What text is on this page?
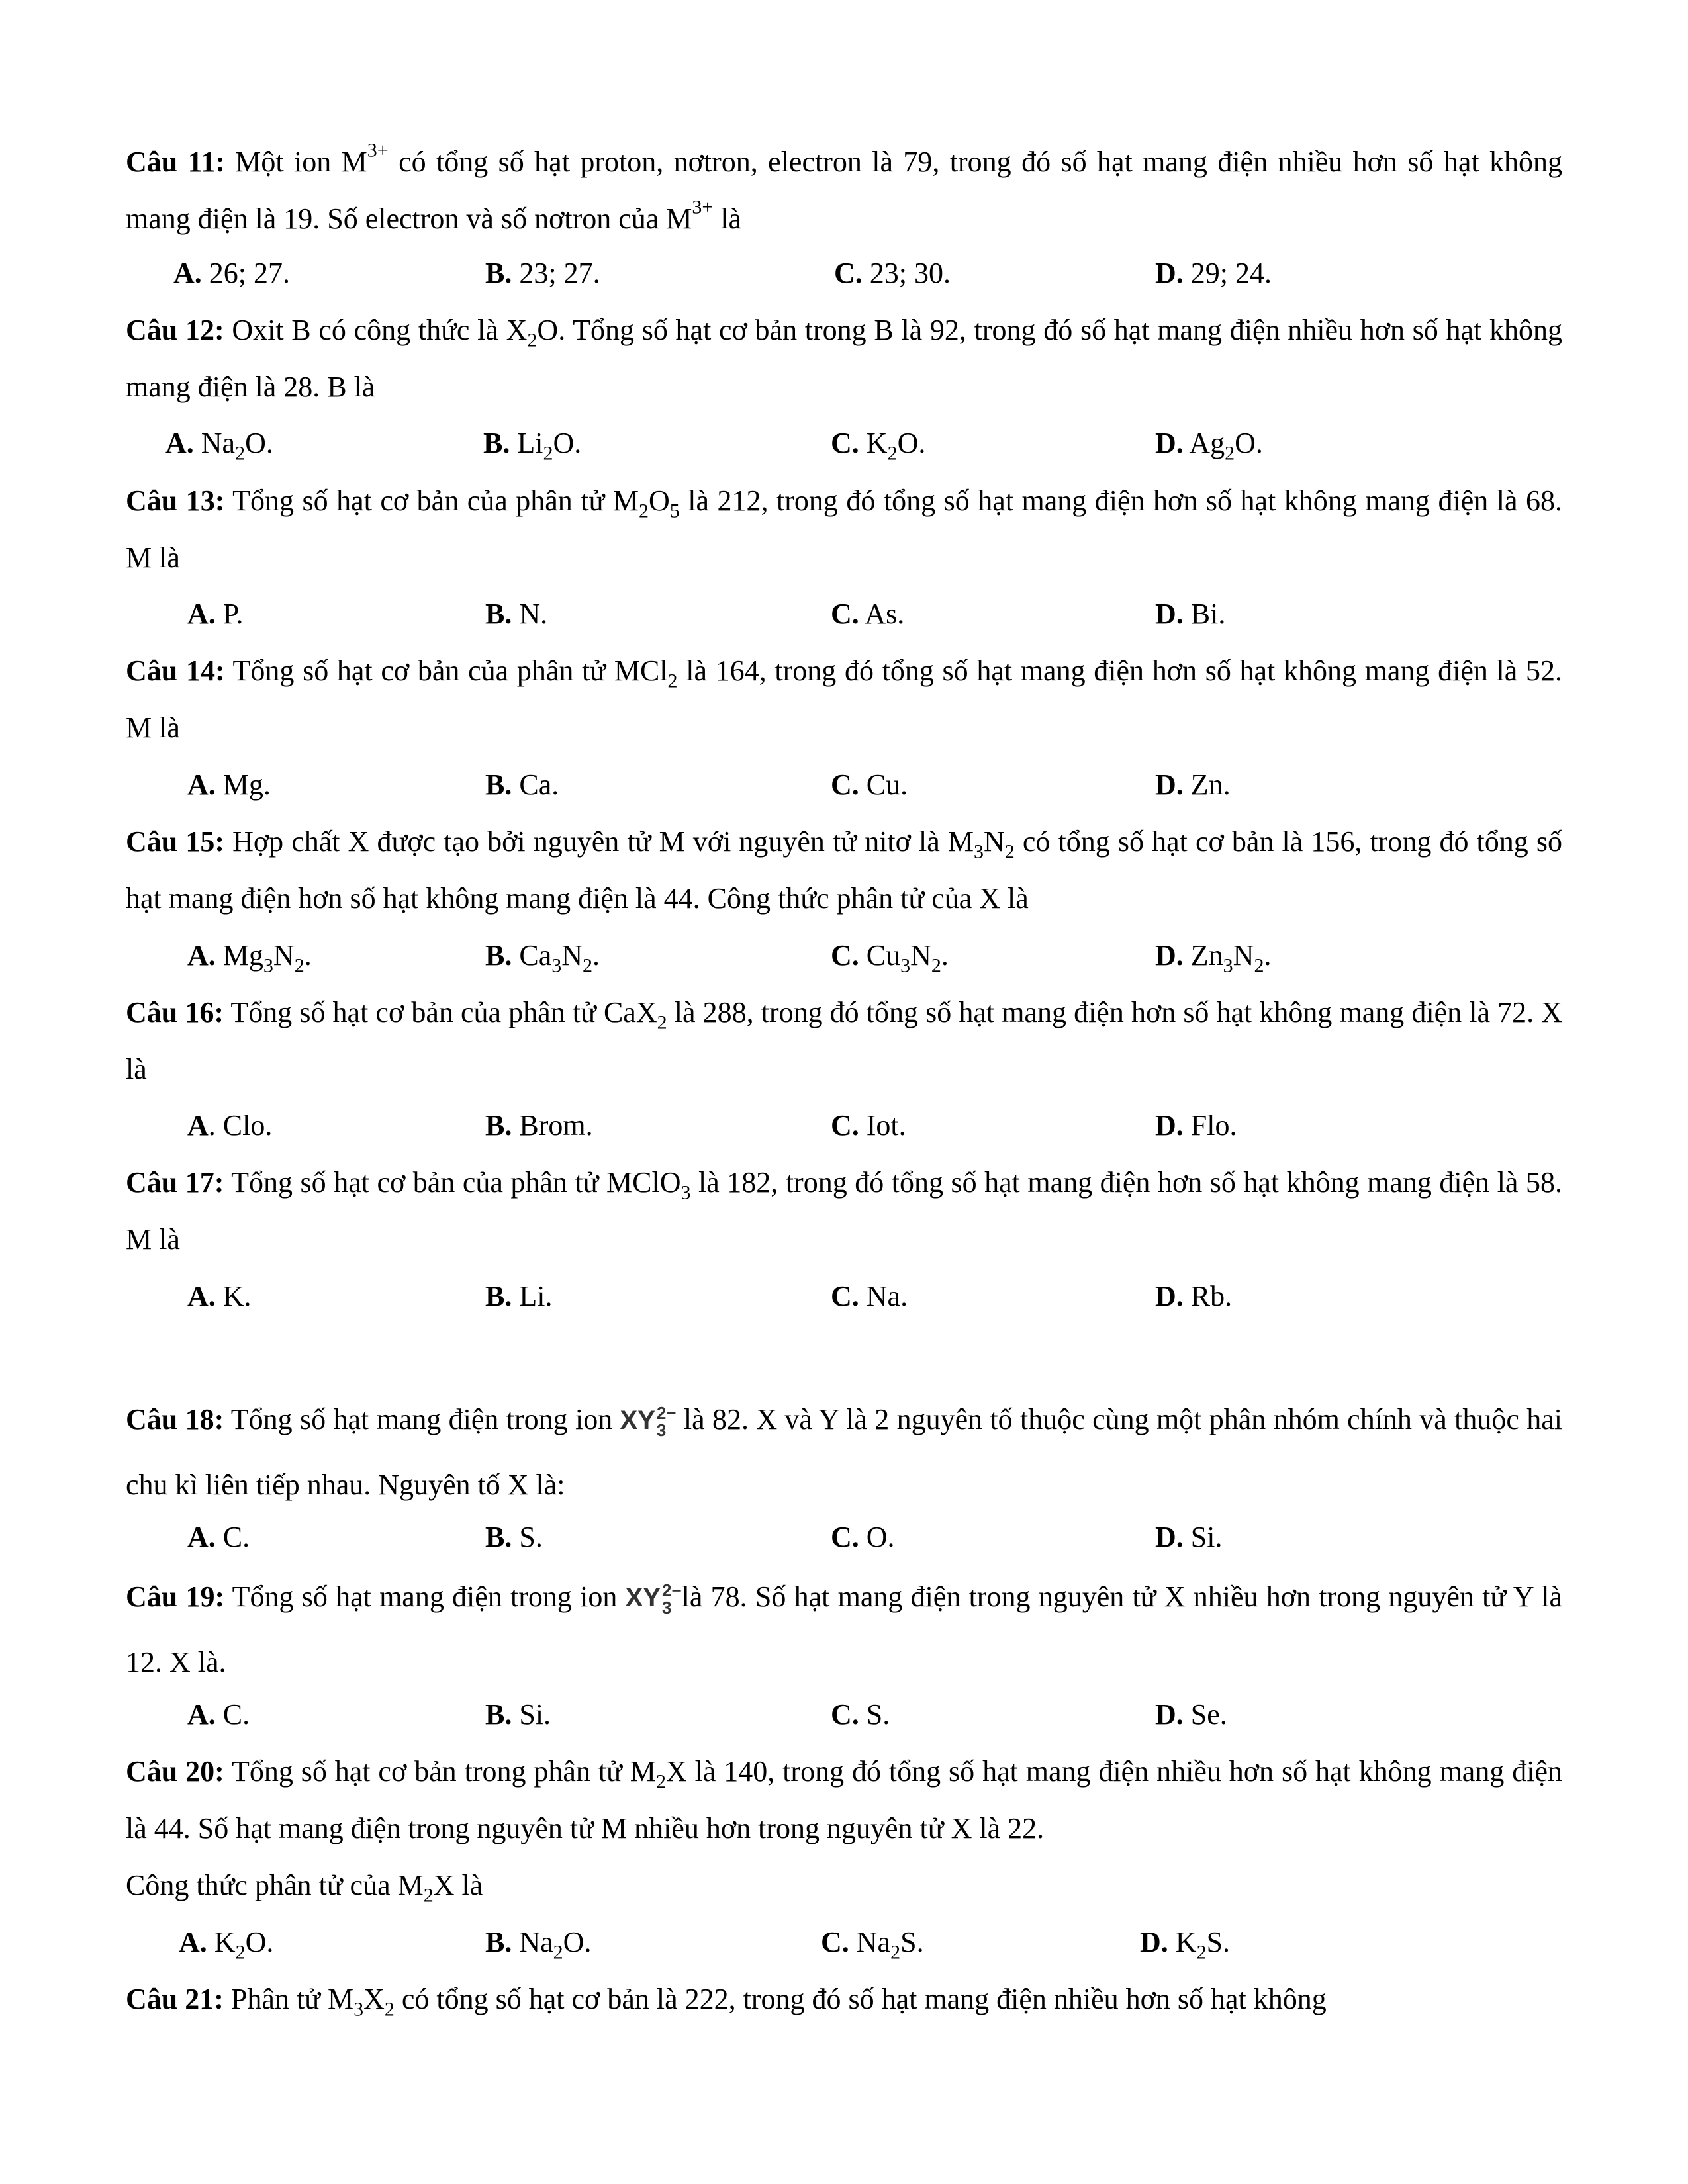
Câu 11: Một ion $M^{3+}$ có tổng số hạt proton, nơtron, electron là 79, trong đó số hạt mang điện nhiều hơn số hạt không mang điện là 19. Số electron và số nơtron của $M^{3+}$ là
A. 26; 27.	B. 23; 27.	C. 23; 30.	D. 29; 24.
Câu 12: Oxit B có công thức là $X_2O$. Tổng số hạt cơ bản trong B là 92, trong đó số hạt mang điện nhiều hơn số hạt không mang điện là 28. B là
A. $Na_2O$.	B. $Li_2O$.	C. $K_2O$.	D. $Ag_2O$.
Câu 13: Tổng số hạt cơ bản của phân tử $M_2O_5$ là 212, trong đó tổng số hạt mang điện hơn số hạt không mang điện là 68. M là
A. P.	B. N.	C. As.	D. Bi.
Câu 14: Tổng số hạt cơ bản của phân tử MCl$_2$ là 164, trong đó tổng số hạt mang điện hơn số hạt không mang điện là 52. M là
A. Mg.	B. Ca.	C. Cu.	D. Zn.
Câu 15: Hợp chất X được tạo bởi nguyên tử M với nguyên tử nitơ là $M_3N_2$ có tổng số hạt cơ bản là 156, trong đó tổng số hạt mang điện hơn số hạt không mang điện là 44. Công thức phân tử của X là
A. $Mg_3N_2$.	B. $Ca_3N_2$.	C. $Cu_3N_2$.	D. $Zn_3N_2$.
Câu 16: Tổng số hạt cơ bản của phân tử CaX$_2$ là 288, trong đó tổng số hạt mang điện hơn số hạt không mang điện là 72. X là
A. Clo.	B. Brom.	C. Iot.	D. Flo.
Câu 17: Tổng số hạt cơ bản của phân tử MClO$_3$ là 182, trong đó tổng số hạt mang điện hơn số hạt không mang điện là 58. M là
A. K.	B. Li.	C. Na.	D. Rb.
Câu 18: Tổng số hạt mang điện trong ion XY 2−
3 là 82. X và Y là 2 nguyên tố thuộc cùng một phân nhóm chính và thuộc hai chu kì liên tiếp nhau. Nguyên tố X là:
A. C.	B. S.	C. O.	D. Si.
Câu 19: Tổng số hạt mang điện trong ion XY 2−
3 là 78. Số hạt mang điện trong nguyên tử X nhiều hơn trong nguyên tử Y là 12. X là.
A. C.	B. Si.	C. S.	D. Se.
Câu 20: Tổng số hạt cơ bản trong phân tử $M_2X$ là 140, trong đó tổng số hạt mang điện nhiều hơn số hạt không mang điện là 44. Số hạt mang điện trong nguyên tử M nhiều hơn trong nguyên tử X là 22.
Công thức phân tử của $M_2X$ là
A. $K_2O$.	B. $Na_2O$.	C. $Na_2S$.	D. $K_2S$.
Câu 21: Phân tử $M_3X_2$ có tổng số hạt cơ bản là 222, trong đó số hạt mang điện nhiều hơn số hạt không
